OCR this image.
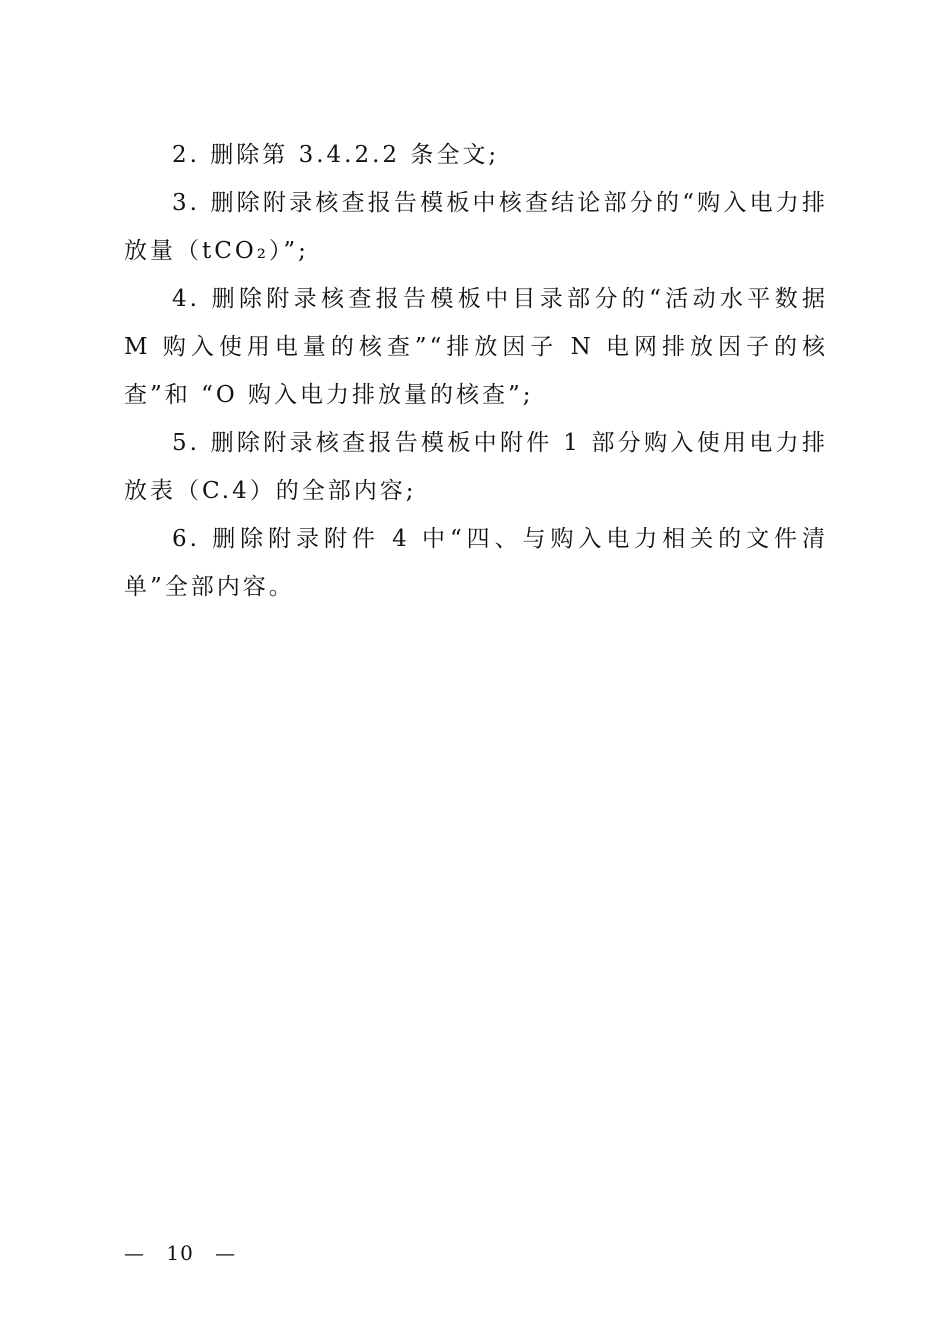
2. 删除第 3.4.2.2 条全文;

3. 删除附录核查报告模板中核查结论部分的“购入电力排放量（tCO₂）”;

4. 删除附录核查报告模板中目录部分的“活动水平数据 M 购入使用电量的核查”“排放因子 N 电网排放因子的核查”和 “O 购入电力排放量的核查”;

5. 删除附录核查报告模板中附件 1 部分购入使用电力排放表（C.4）的全部内容;

6. 删除附录附件 4 中“四、与购入电力相关的文件清单”全部内容。

— 10 —
